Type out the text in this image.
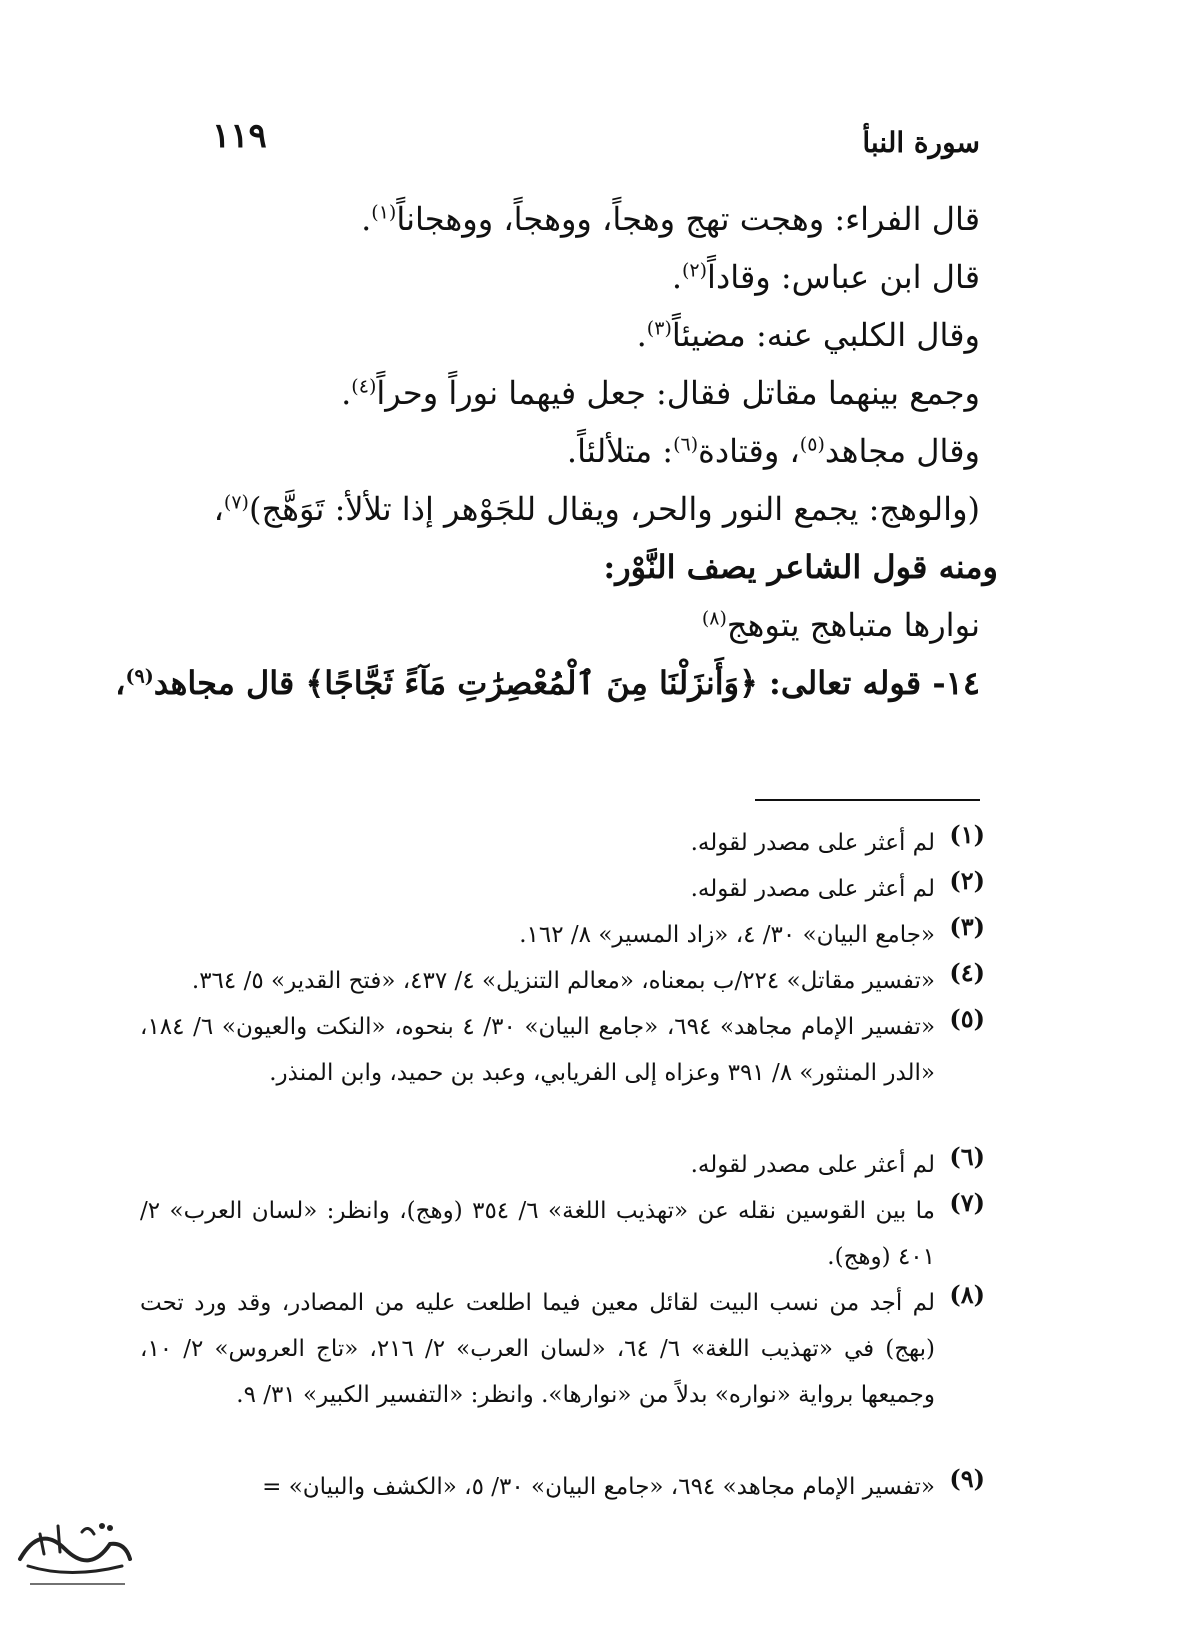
سورة النبأ
١١٩
قال الفراء: وهجت تهج وهجاً، ووهجاً، ووهجاناً$^{(١)}$.
قال ابن عباس: وقاداً$^{(٢)}$.
وقال الكلبي عنه: مضيئاً$^{(٣)}$.
وجمع بينهما مقاتل فقال: جعل فيهما نوراً وحراً$^{(٤)}$.
وقال مجاهد$^{(٥)}$، وقتادة$^{(٦)}$: متلألئاً.
(والوهج: يجمع النور والحر، ويقال للجَوْهر إذا تلألأ: تَوَهَّج)$^{(٧)}$،
ومنه قول الشاعر يصف النَّوْر:
نوارها متباهج يتوهج$^{(٨)}$
١٤- قوله تعالى: ﴿وَأَنزَلْنَا مِنَ ٱلْمُعْصِرَٰتِ مَآءً ثَجَّاجًا﴾ قال مجاهد$^{(٩)}$،
(١)
لم أعثر على مصدر لقوله.
(٢)
لم أعثر على مصدر لقوله.
(٣)
«جامع البيان» ٣٠/ ٤، «زاد المسير» ٨/ ١٦٢.
(٤)
«تفسير مقاتل» ٢٢٤/ب بمعناه، «معالم التنزيل» ٤/ ٤٣٧، «فتح القدير» ٥/ ٣٦٤.
(٥)
«تفسير الإمام مجاهد» ٦٩٤، «جامع البيان» ٣٠/ ٤ بنحوه، «النكت والعيون» ٦/ ١٨٤، «الدر المنثور» ٨/ ٣٩١ وعزاه إلى الفريابي، وعبد بن حميد، وابن المنذر.
(٦)
لم أعثر على مصدر لقوله.
(٧)
ما بين القوسين نقله عن «تهذيب اللغة» ٦/ ٣٥٤ (وهج)، وانظر: «لسان العرب» ٢/ ٤٠١ (وهج).
(٨)
لم أجد من نسب البيت لقائل معين فيما اطلعت عليه من المصادر، وقد ورد تحت (بهج) في «تهذيب اللغة» ٦/ ٦٤، «لسان العرب» ٢/ ٢١٦، «تاج العروس» ٢/ ١٠، وجميعها برواية «نواره» بدلاً من «نوارها». وانظر: «التفسير الكبير» ٣١/ ٩.
(٩)
«تفسير الإمام مجاهد» ٦٩٤، «جامع البيان» ٣٠/ ٥، «الكشف والبيان» =
